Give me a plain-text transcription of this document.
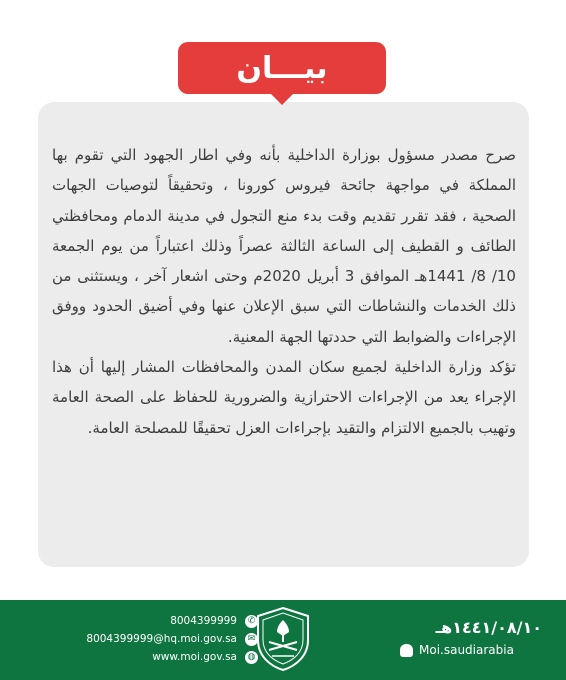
بيـــان

صرح مصدر مسؤول بوزارة الداخلية بأنه وفي اطار الجهود التي تقوم بها المملكة في مواجهة جائحة فيروس كورونا ، وتحقيقاً لتوصيات الجهات الصحية ، فقد تقرر تقديم وقت بدء منع التجول في مدينة الدمام ومحافظتي الطائف و القطيف إلى الساعة الثالثة عصراً وذلك اعتباراً من يوم الجمعة 10/ 8/ 1441هـ الموافق 3 أبريل 2020م وحتى اشعار آخر ، ويستثنى من ذلك الخدمات والنشاطات التي سبق الإعلان عنها وفي أضيق الحدود ووفق الإجراءات والضوابط التي حددتها الجهة المعنية.

تؤكد وزارة الداخلية لجميع سكان المدن والمحافظات المشار إليها أن هذا الإجراء يعد من الإجراءات الاحترازية والضرورية للحفاظ على الصحة العامة وتهيب بالجميع الالتزام والتقيد بإجراءات العزل تحقيقًا للمصلحة العامة.

✆
8004399999
✉
8004399999@hq.moi.gov.sa
◍
www.moi.gov.sa
١٤٤١/٠٨/١٠هـ
Moi.saudiarabia
